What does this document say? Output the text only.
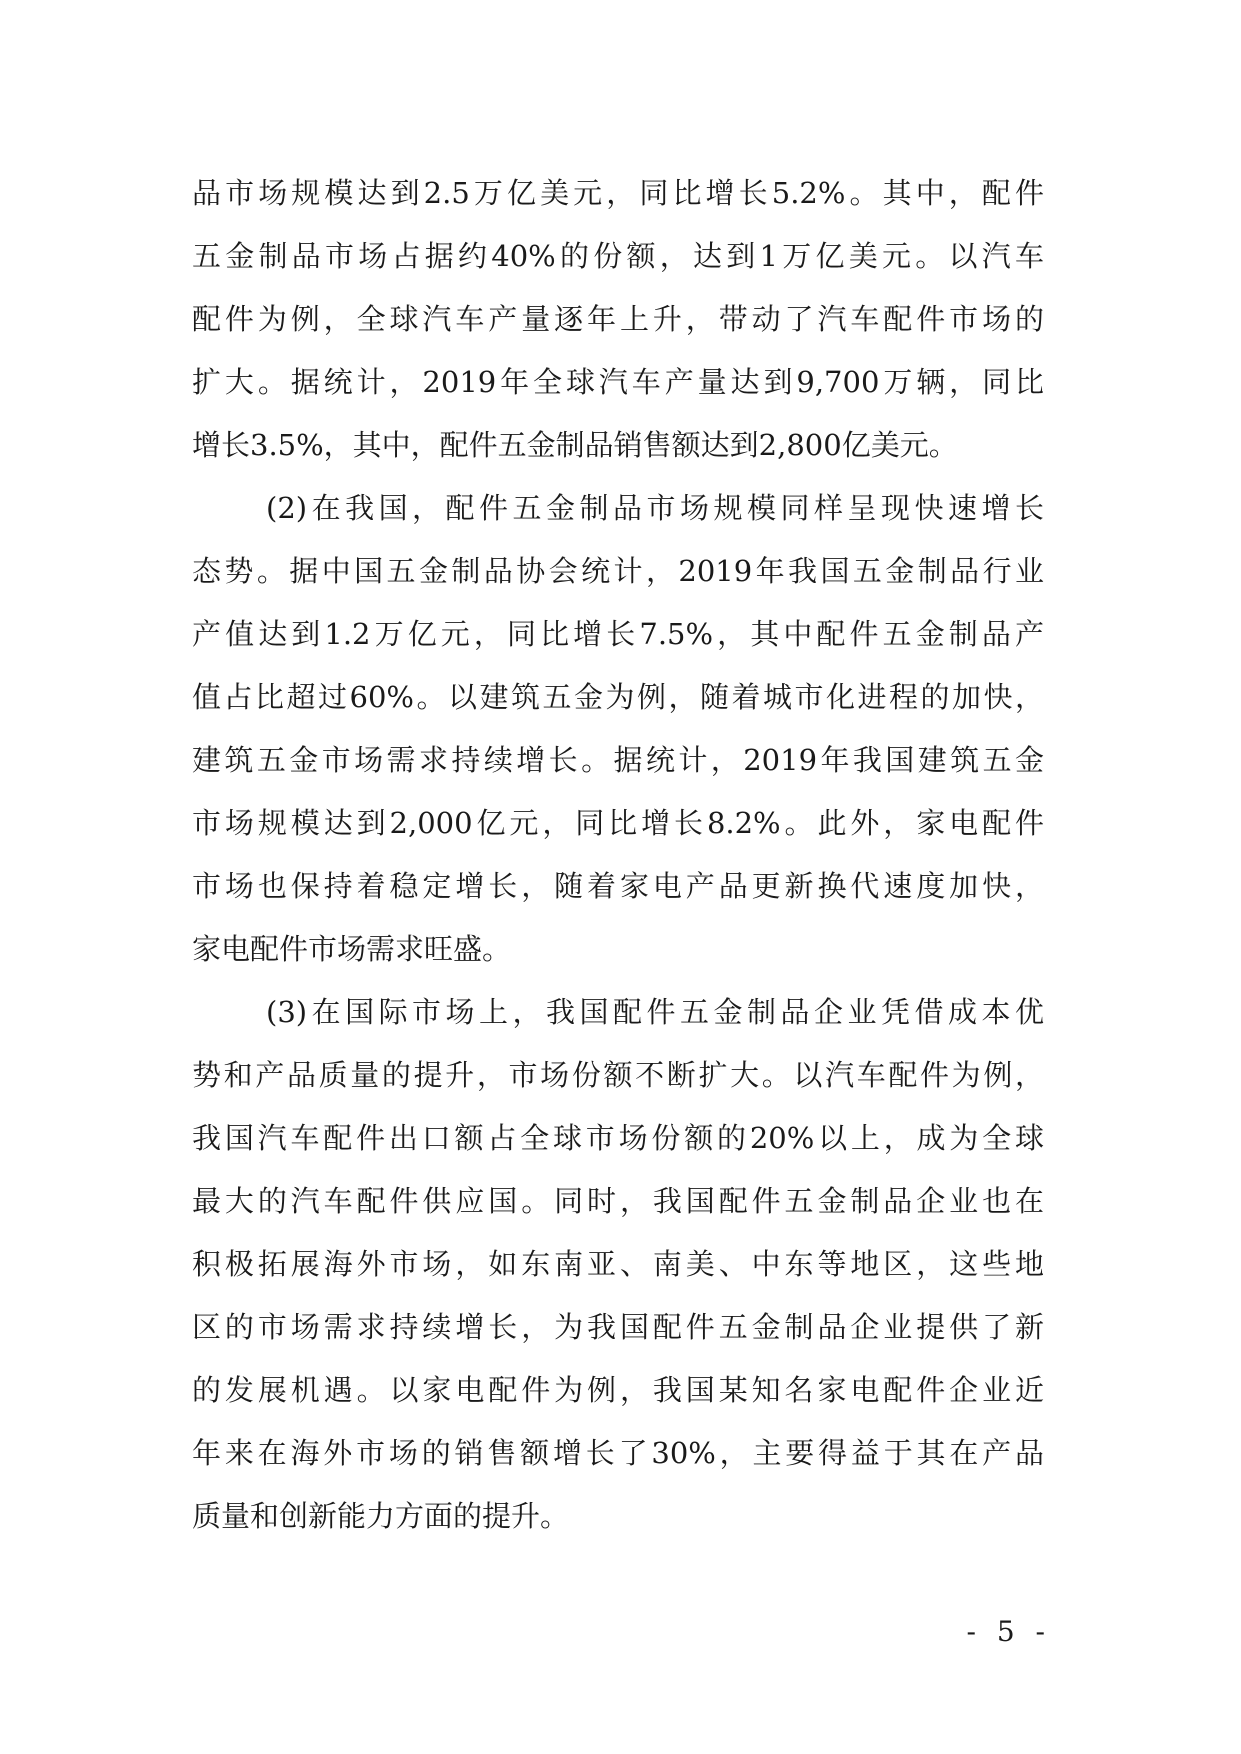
品市场规模达到2.5万亿美元，同比增长5.2%。其中，配件
五金制品市场占据约40%的份额，达到1万亿美元。以汽车
配件为例，全球汽车产量逐年上升，带动了汽车配件市场的
扩大。据统计，2019年全球汽车产量达到9,700万辆，同比
增长3.5%，其中，配件五金制品销售额达到2,800亿美元。

(2)在我国，配件五金制品市场规模同样呈现快速增长
态势。据中国五金制品协会统计，2019年我国五金制品行业
产值达到1.2万亿元，同比增长7.5%，其中配件五金制品产
值占比超过60%。以建筑五金为例，随着城市化进程的加快，
建筑五金市场需求持续增长。据统计，2019年我国建筑五金
市场规模达到2,000亿元，同比增长8.2%。此外，家电配件
市场也保持着稳定增长，随着家电产品更新换代速度加快，
家电配件市场需求旺盛。

(3)在国际市场上，我国配件五金制品企业凭借成本优
势和产品质量的提升，市场份额不断扩大。以汽车配件为例，
我国汽车配件出口额占全球市场份额的20%以上，成为全球
最大的汽车配件供应国。同时，我国配件五金制品企业也在
积极拓展海外市场，如东南亚、南美、中东等地区，这些地
区的市场需求持续增长，为我国配件五金制品企业提供了新
的发展机遇。以家电配件为例，我国某知名家电配件企业近
年来在海外市场的销售额增长了30%，主要得益于其在产品
质量和创新能力方面的提升。

- 5 -
